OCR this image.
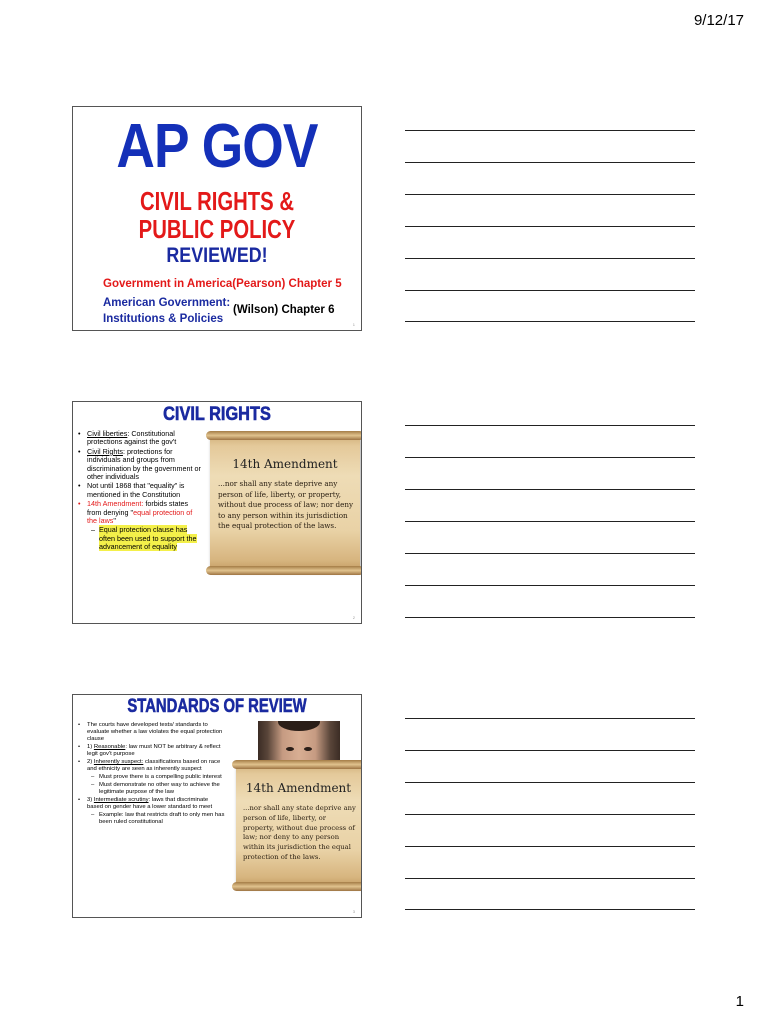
9/12/17
AP GOV
CIVIL RIGHTS &
PUBLIC POLICY
REVIEWED!
Government in America(Pearson) Chapter 5
American Government:
Institutions & Policies
(Wilson) Chapter 6
1
CIVIL RIGHTS
• Civil liberties: Constitutional protections against the gov't
• Civil Rights: protections for individuals and groups from discrimination by the government or other individuals
• Not until 1868 that "equality" is mentioned in the Constitution
• 14th Amendment: forbids states from denying "equal protection of the laws"
– Equal protection clause has often been used to support the advancement of equality
14th Amendment
...nor shall any state deprive any person of life, liberty, or property, without due process of law; nor deny to any person within its jurisdiction the equal protection of the laws.
2
STANDARDS OF REVIEW
• The courts have developed tests/ standards to evaluate whether a law violates the equal protection clause
• 1) Reasonable: law must NOT be arbitrary & reflect legit gov't purpose
• 2) Inherently suspect: classifications based on race and ethnicity are seen as inherently suspect
– Must prove there is a compelling public interest
– Must demonstrate no other way to achieve the legitimate purpose of the law
• 3) Intermediate scrutiny: laws that discriminate based on gender have a lower standard to meet
– Example: law that restricts draft to only men has been ruled constitutional
14th Amendment
...nor shall any state deprive any person of life, liberty, or property, without due process of law; nor deny to any person within its jurisdiction the equal protection of the laws.
3
1
